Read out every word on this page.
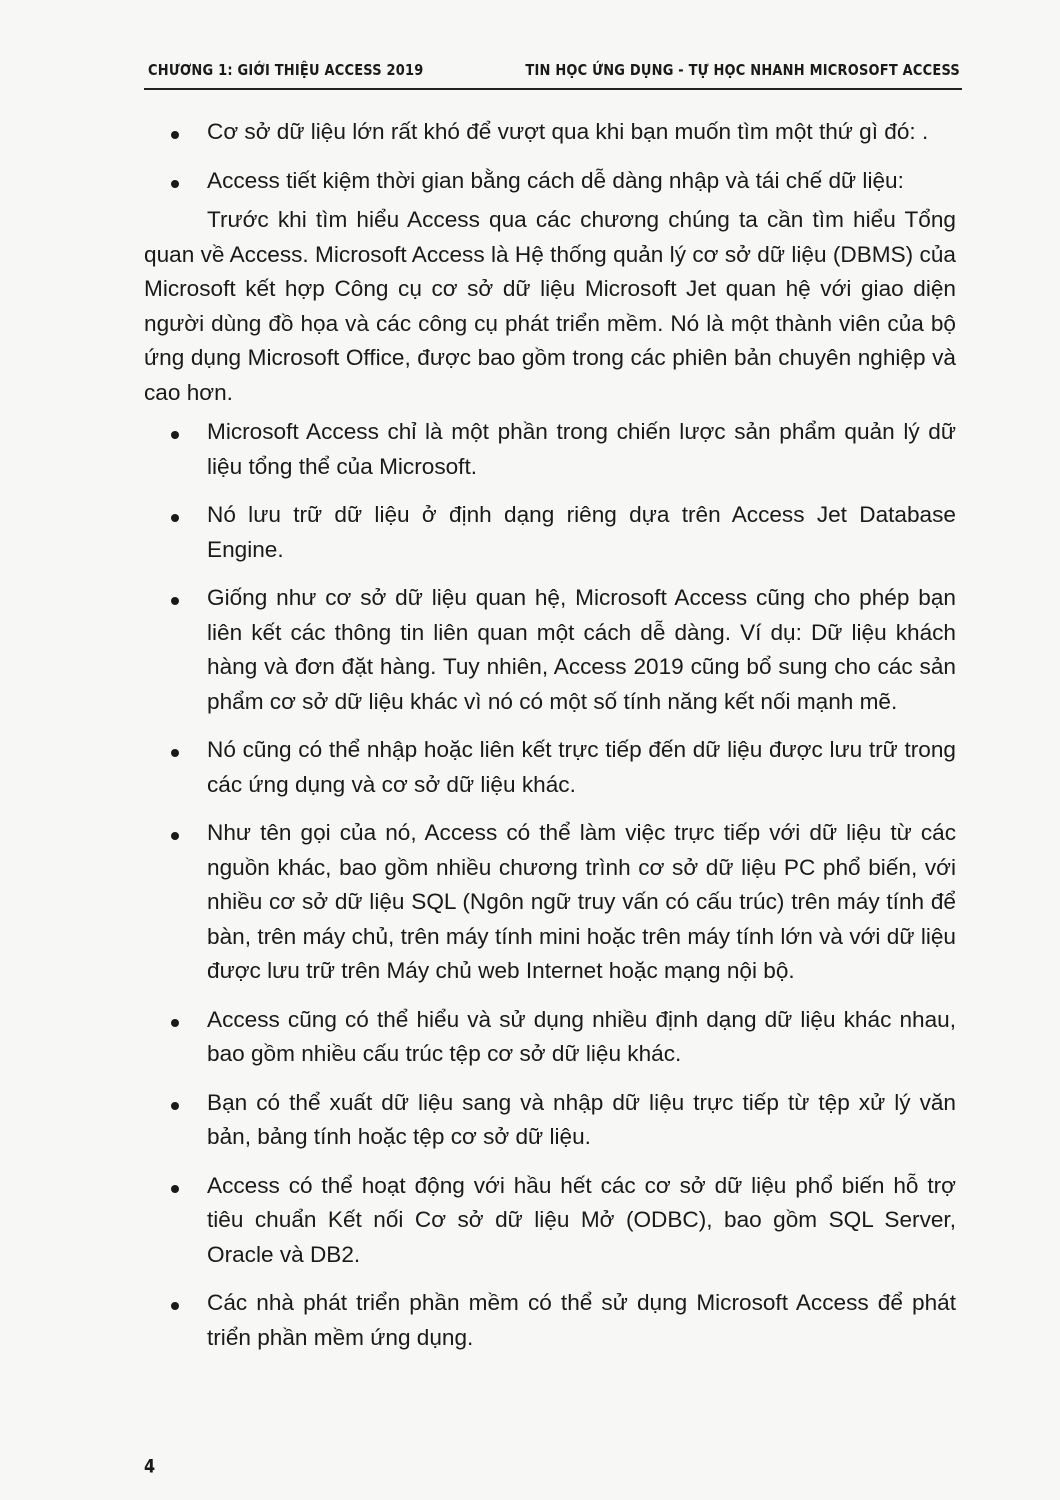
CHƯƠNG 1: GIỚI THIỆU ACCESS 2019	TIN HỌC ỨNG DỤNG - TỰ HỌC NHANH MICROSOFT ACCESS
Cơ sở dữ liệu lớn rất khó để vượt qua khi bạn muốn tìm một thứ gì đó: .
Access tiết kiệm thời gian bằng cách dễ dàng nhập và tái chế dữ liệu:
Trước khi tìm hiểu Access qua các chương chúng ta cần tìm hiểu Tổng quan về Access. Microsoft Access là Hệ thống quản lý cơ sở dữ liệu (DBMS) của Microsoft kết hợp Công cụ cơ sở dữ liệu Microsoft Jet quan hệ với giao diện người dùng đồ họa và các công cụ phát triển mềm. Nó là một thành viên của bộ ứng dụng Microsoft Office, được bao gồm trong các phiên bản chuyên nghiệp và cao hơn.
Microsoft Access chỉ là một phần trong chiến lược sản phẩm quản lý dữ liệu tổng thể của Microsoft.
Nó lưu trữ dữ liệu ở định dạng riêng dựa trên Access Jet Database Engine.
Giống như cơ sở dữ liệu quan hệ, Microsoft Access cũng cho phép bạn liên kết các thông tin liên quan một cách dễ dàng. Ví dụ: Dữ liệu khách hàng và đơn đặt hàng. Tuy nhiên, Access 2019 cũng bổ sung cho các sản phẩm cơ sở dữ liệu khác vì nó có một số tính năng kết nối mạnh mẽ.
Nó cũng có thể nhập hoặc liên kết trực tiếp đến dữ liệu được lưu trữ trong các ứng dụng và cơ sở dữ liệu khác.
Như tên gọi của nó, Access có thể làm việc trực tiếp với dữ liệu từ các nguồn khác, bao gồm nhiều chương trình cơ sở dữ liệu PC phổ biến, với nhiều cơ sở dữ liệu SQL (Ngôn ngữ truy vấn có cấu trúc) trên máy tính để bàn, trên máy chủ, trên máy tính mini hoặc trên máy tính lớn và với dữ liệu được lưu trữ trên Máy chủ web Internet hoặc mạng nội bộ.
Access cũng có thể hiểu và sử dụng nhiều định dạng dữ liệu khác nhau, bao gồm nhiều cấu trúc tệp cơ sở dữ liệu khác.
Bạn có thể xuất dữ liệu sang và nhập dữ liệu trực tiếp từ tệp xử lý văn bản, bảng tính hoặc tệp cơ sở dữ liệu.
Access có thể hoạt động với hầu hết các cơ sở dữ liệu phổ biến hỗ trợ tiêu chuẩn Kết nối Cơ sở dữ liệu Mở (ODBC), bao gồm SQL Server, Oracle và DB2.
Các nhà phát triển phần mềm có thể sử dụng Microsoft Access để phát triển phần mềm ứng dụng.
4
